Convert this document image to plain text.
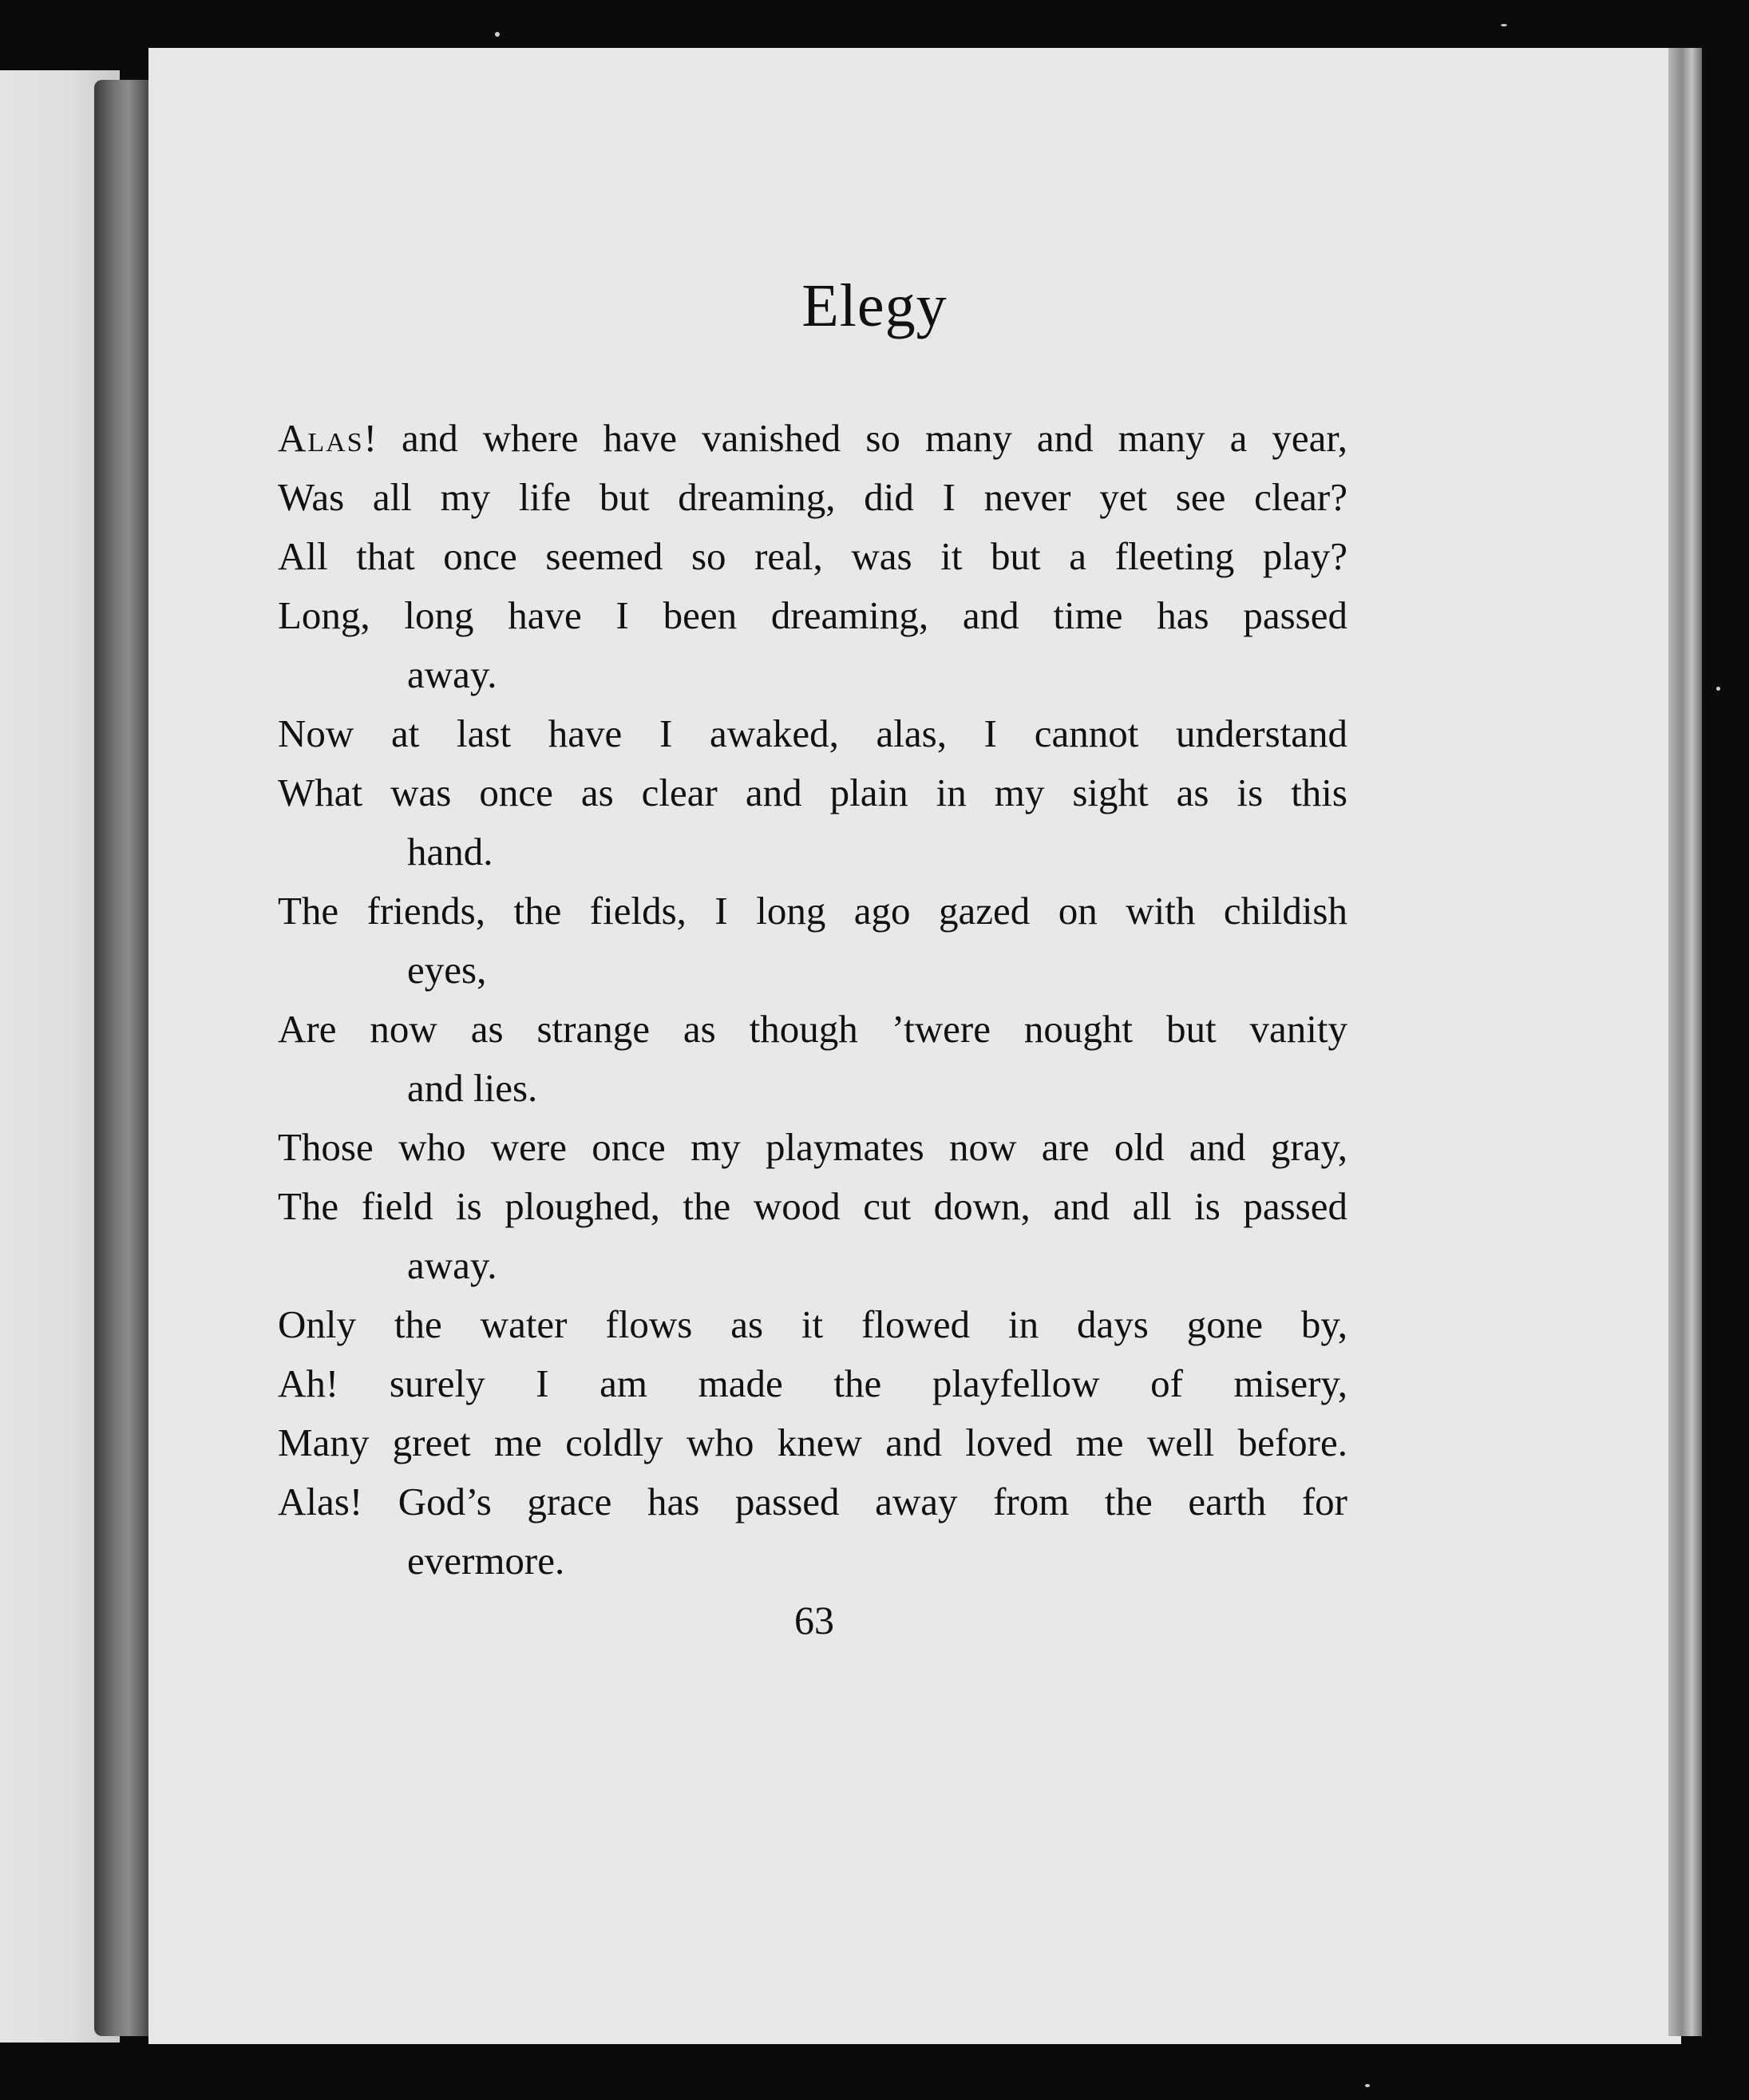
Elegy
Alas! and where have vanished so many and many a year,
Was all my life but dreaming, did I never yet see clear?
All that once seemed so real, was it but a fleeting play?
Long, long have I been dreaming, and time has passed
away.
Now at last have I awaked, alas, I cannot understand
What was once as clear and plain in my sight as is this
hand.
The friends, the fields, I long ago gazed on with childish
eyes,
Are now as strange as though ’twere nought but vanity
and lies.
Those who were once my playmates now are old and gray,
The field is ploughed, the wood cut down, and all is passed
away.
Only the water flows as it flowed in days gone by,
Ah! surely I am made the playfellow of misery,
Many greet me coldly who knew and loved me well before.
Alas! God’s grace has passed away from the earth for
evermore.
63
